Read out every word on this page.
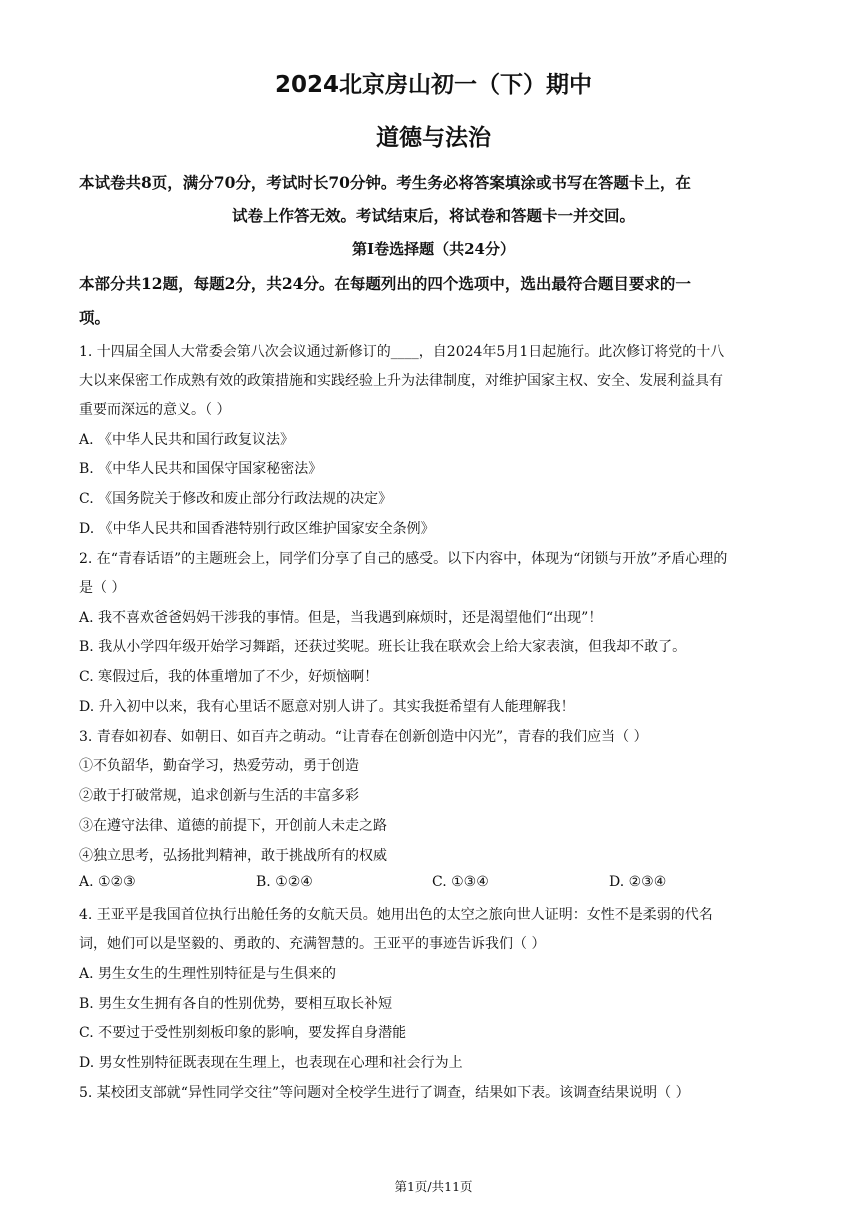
2024北京房山初一（下）期中
道德与法治
本试卷共8页，满分70分，考试时长70分钟。考生务必将答案填涂或书写在答题卡上，在
试卷上作答无效。考试结束后，将试卷和答题卡一并交回。
第Ⅰ卷选择题（共24分）
本部分共12题，每题2分，共24分。在每题列出的四个选项中，选出最符合题目要求的一
项。
1. 十四届全国人大常委会第八次会议通过新修订的____，自2024年5月1日起施行。此次修订将党的十八
大以来保密工作成熟有效的政策措施和实践经验上升为法律制度，对维护国家主权、安全、发展利益具有
重要而深远的意义。（ ）
A. 《中华人民共和国行政复议法》
B. 《中华人民共和国保守国家秘密法》
C. 《国务院关于修改和废止部分行政法规的决定》
D. 《中华人民共和国香港特别行政区维护国家安全条例》
2. 在“青春话语”的主题班会上，同学们分享了自己的感受。以下内容中，体现为“闭锁与开放”矛盾心理的
是（ ）
A. 我不喜欢爸爸妈妈干涉我的事情。但是，当我遇到麻烦时，还是渴望他们“出现”！
B. 我从小学四年级开始学习舞蹈，还获过奖呢。班长让我在联欢会上给大家表演，但我却不敢了。
C. 寒假过后，我的体重增加了不少，好烦恼啊！
D. 升入初中以来，我有心里话不愿意对别人讲了。其实我挺希望有人能理解我！
3. 青春如初春、如朝日、如百卉之萌动。“让青春在创新创造中闪光”，青春的我们应当（ ）
①不负韶华，勤奋学习，热爱劳动，勇于创造
②敢于打破常规，追求创新与生活的丰富多彩
③在遵守法律、道德的前提下，开创前人未走之路
④独立思考，弘扬批判精神，敢于挑战所有的权威
A. ①②③	B. ①②④	C. ①③④	D. ②③④
4. 王亚平是我国首位执行出舱任务的女航天员。她用出色的太空之旅向世人证明：女性不是柔弱的代名
词，她们可以是坚毅的、勇敢的、充满智慧的。王亚平的事迹告诉我们（ ）
A. 男生女生的生理性别特征是与生俱来的
B. 男生女生拥有各自的性别优势，要相互取长补短
C. 不要过于受性别刻板印象的影响，要发挥自身潜能
D. 男女性别特征既表现在生理上，也表现在心理和社会行为上
5. 某校团支部就“异性同学交往”等问题对全校学生进行了调查，结果如下表。该调查结果说明（ ）
第1页/共11页
